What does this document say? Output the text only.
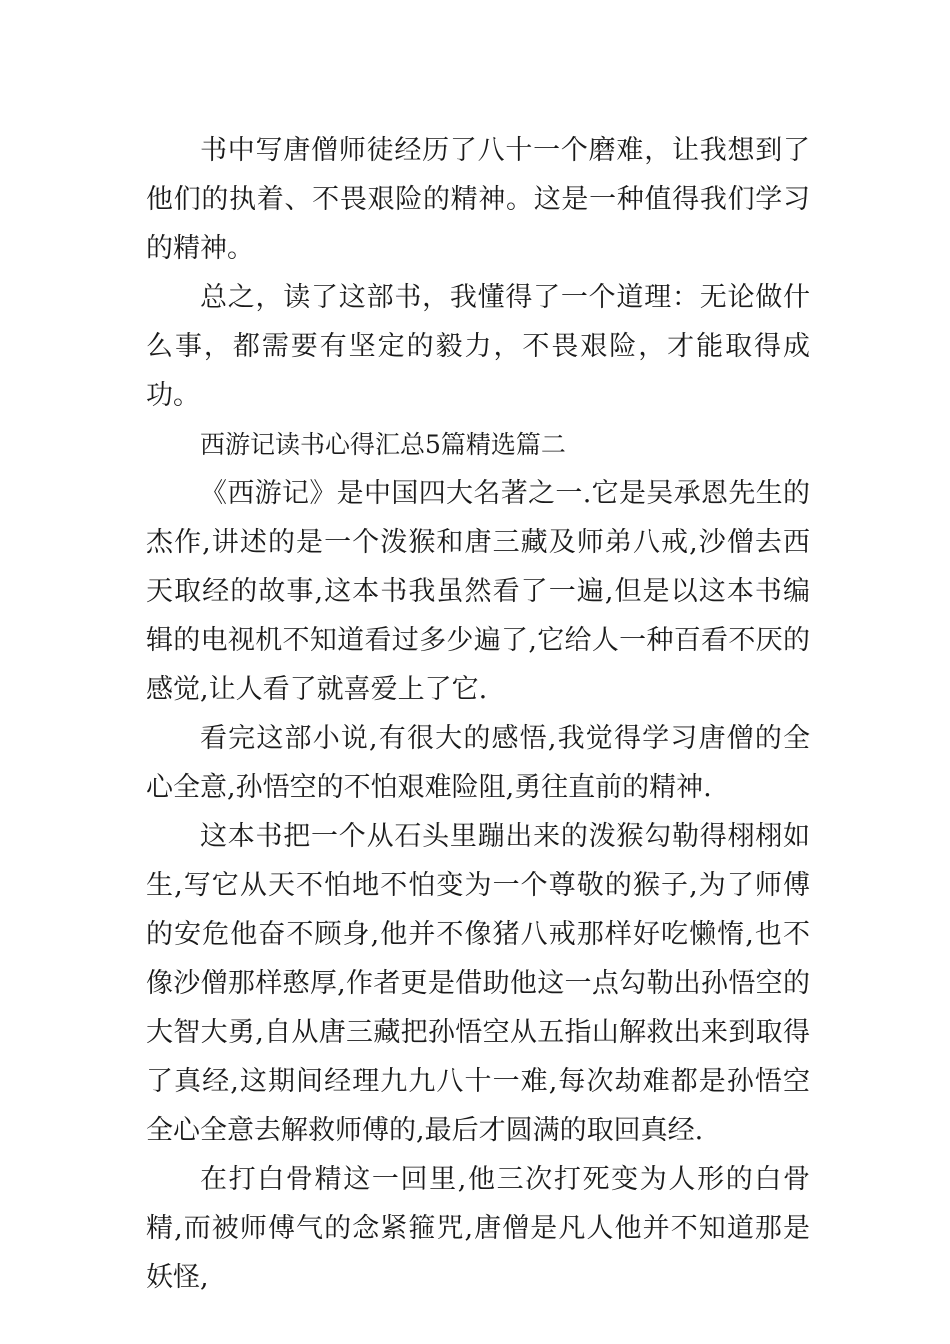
书中写唐僧师徒经历了八十一个磨难，让我想到了他们的执着、不畏艰险的精神。这是一种值得我们学习的精神。

总之，读了这部书，我懂得了一个道理：无论做什么事，都需要有坚定的毅力，不畏艰险，才能取得成功。

西游记读书心得汇总5篇精选篇二

《西游记》是中国四大名著之一.它是吴承恩先生的杰作,讲述的是一个泼猴和唐三藏及师弟八戒,沙僧去西天取经的故事,这本书我虽然看了一遍,但是以这本书编辑的电视机不知道看过多少遍了,它给人一种百看不厌的感觉,让人看了就喜爱上了它.

看完这部小说,有很大的感悟,我觉得学习唐僧的全心全意,孙悟空的不怕艰难险阻,勇往直前的精神.

这本书把一个从石头里蹦出来的泼猴勾勒得栩栩如生,写它从天不怕地不怕变为一个尊敬的猴子,为了师傅的安危他奋不顾身,他并不像猪八戒那样好吃懒惰,也不像沙僧那样憨厚,作者更是借助他这一点勾勒出孙悟空的大智大勇,自从唐三藏把孙悟空从五指山解救出来到取得了真经,这期间经理九九八十一难,每次劫难都是孙悟空全心全意去解救师傅的,最后才圆满的取回真经.

在打白骨精这一回里,他三次打死变为人形的白骨精,而被师傅气的念紧箍咒,唐僧是凡人他并不知道那是妖怪,
